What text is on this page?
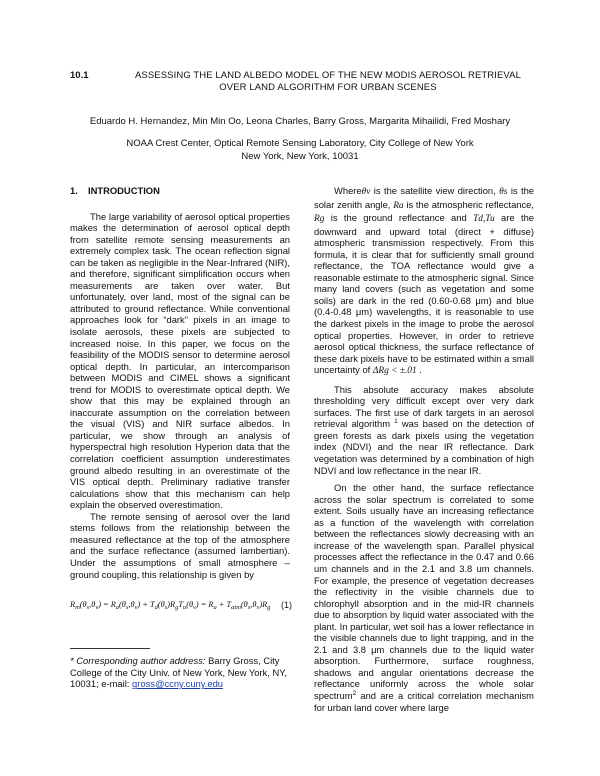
10.1	ASSESSING THE LAND ALBEDO MODEL OF THE NEW MODIS AEROSOL RETRIEVAL
OVER LAND ALGORITHM FOR URBAN SCENES
Eduardo H. Hernandez, Min Min Oo, Leona Charles, Barry Gross, Margarita Mihailidi, Fred Moshary
NOAA Crest Center, Optical Remote Sensing Laboratory, City College of New York
New York, New York, 10031
1. INTRODUCTION

The large variability of aerosol optical properties makes the determination of aerosol optical depth from satellite remote sensing measurements an extremely complex task. The ocean reflection signal can be taken as negligible in the Near-Infrared (NIR), and therefore, significant simplification occurs when measurements are taken over water. But unfortunately, over land, most of the signal can be attributed to ground reflectance. While conventional approaches look for “dark” pixels in an image to isolate aerosols, these pixels are subjected to increased noise. In this paper, we focus on the feasibility of the MODIS sensor to determine aerosol optical depth. In particular, an intercomparison between MODIS and CIMEL shows a significant trend for MODIS to overestimate optical depth. We show that this may be explained through an inaccurate assumption on the correlation between the visual (VIS) and NIR surface albedos. In particular, we show through an analysis of hyperspectral high resolution Hyperion data that the correlation coefficient assumption underestimates ground albedo resulting in an overestimate of the VIS optical depth. Preliminary radiative transfer calculations show that this mechanism can help explain the observed overestimation.

The remote sensing of aerosol over the land stems follows from the relationship between the measured reflectance at the top of the atmosphere and the surface reflectance (assumed lambertian). Under the assumptions of small atmosphere – ground coupling, this relationship is given by

$R_m(\theta_s,\theta_v) = R_a(\theta_s,\theta_v) + T_d(\theta_s)R_gT_u(\theta_v) = R_a + T_{atm}(\theta_s,\theta_v)R_g$ (1)
* Corresponding author address: Barry Gross, City College of the City Univ. of New York, New York, NY, 10031; e-mail: gross@ccny.cuny.edu

Whereθv is the satellite view direction, θs is the solar zenith angle, Ra is the atmospheric reflectance, Rg is the ground reflectance and Td,Tu are the downward and upward total (direct + diffuse) atmospheric transmission respectively. From this formula, it is clear that for sufficiently small ground reflectance, the TOA reflectance would give a reasonable estimate to the atmospheric signal. Since many land covers (such as vegetation and some soils) are dark in the red (0.60-0.68 μm) and blue (0.4-0.48 μm) wavelengths, it is reasonable to use the darkest pixels in the image to probe the aerosol optical properties. However, in order to retrieve aerosol optical thickness, the surface reflectance of these dark pixels have to be estimated within a small uncertainty of ΔRg < ±.01 .

This absolute accuracy makes absolute thresholding very difficult except over very dark surfaces. The first use of dark targets in an aerosol retrieval algorithm $^1$ was based on the detection of green forests as dark pixels using the vegetation index (NDVI) and the near IR reflectance. Dark vegetation was determined by a combination of high NDVI and low reflectance in the near IR.

On the other hand, the surface reflectance across the solar spectrum is correlated to some extent. Soils usually have an increasing reflectance as a function of the wavelength with correlation between the reflectances slowly decreasing with an increase of the wavelength span. Parallel physical processes affect the reflectance in the 0.47 and 0.66 um channels and in the 2.1 and 3.8 um channels. For example, the presence of vegetation decreases the reflectivity in the visible channels due to chlorophyll absorption and in the mid-IR channels due to absorption by liquid water associated with the plant. In particular, wet soil has a lower reflectance in the visible channels due to light trapping, and in the 2.1 and 3.8 μm channels due to the liquid water absorption. Furthermore, surface roughness, shadows and angular orientations decrease the reflectance uniformly across the whole solar spectrum$^2$ and are a critical correlation mechanism for urban land cover where large
